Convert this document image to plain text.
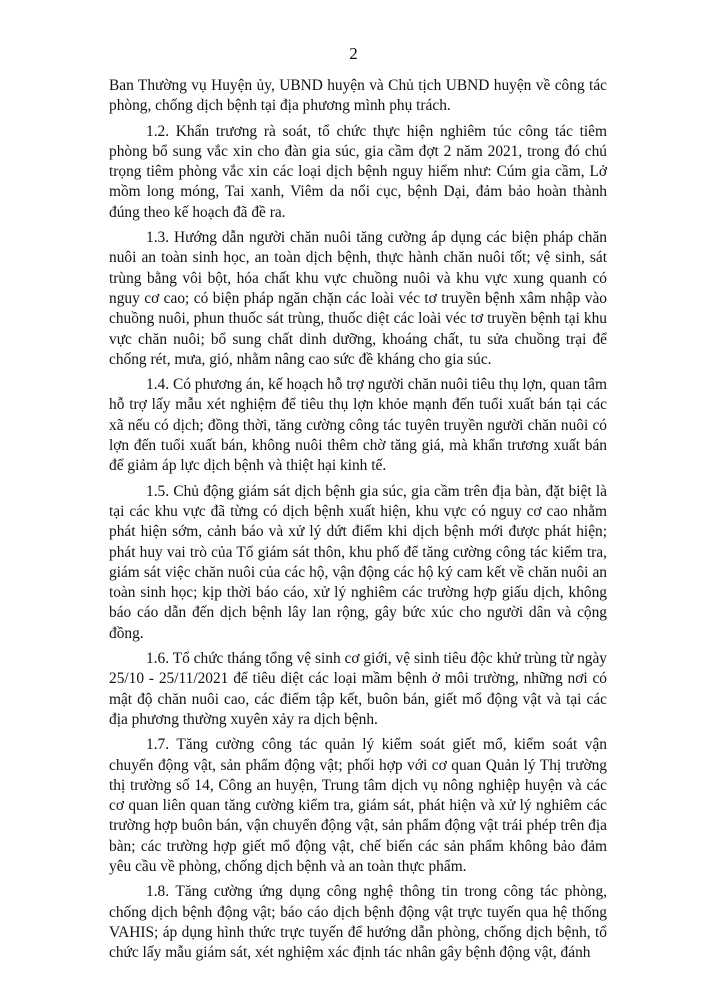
2

Ban Thường vụ Huyện ủy, UBND huyện và Chủ tịch UBND huyện về công tác phòng, chống dịch bệnh tại địa phương mình phụ trách.

1.2. Khẩn trương rà soát, tổ chức thực hiện nghiêm túc công tác tiêm phòng bổ sung vắc xin cho đàn gia súc, gia cầm đợt 2 năm 2021, trong đó chú trọng tiêm phòng vắc xin các loại dịch bệnh nguy hiểm như: Cúm gia cầm, Lở mồm long móng, Tai xanh, Viêm da nổi cục, bệnh Dại, đảm bảo hoàn thành đúng theo kế hoạch đã đề ra.

1.3. Hướng dẫn người chăn nuôi tăng cường áp dụng các biện pháp chăn nuôi an toàn sinh học, an toàn dịch bệnh, thực hành chăn nuôi tốt; vệ sinh, sát trùng bằng vôi bột, hóa chất khu vực chuồng nuôi và khu vực xung quanh có nguy cơ cao; có biện pháp ngăn chặn các loài véc tơ truyền bệnh xâm nhập vào chuồng nuôi, phun thuốc sát trùng, thuốc diệt các loài véc tơ truyền bệnh tại khu vực chăn nuôi; bổ sung chất dinh dưỡng, khoáng chất, tu sửa chuồng trại để chống rét, mưa, gió, nhằm nâng cao sức đề kháng cho gia súc.

1.4. Có phương án, kế hoạch hỗ trợ người chăn nuôi tiêu thụ lợn, quan tâm hỗ trợ lấy mẫu xét nghiệm để tiêu thụ lợn khỏe mạnh đến tuổi xuất bán tại các xã nếu có dịch; đồng thời, tăng cường công tác tuyên truyền người chăn nuôi có lợn đến tuổi xuất bán, không nuôi thêm chờ tăng giá, mà khẩn trương xuất bán để giảm áp lực dịch bệnh và thiệt hại kinh tế.

1.5. Chủ động giám sát dịch bệnh gia súc, gia cầm trên địa bàn, đặt biệt là tại các khu vực đã từng có dịch bệnh xuất hiện, khu vực có nguy cơ cao nhằm phát hiện sớm, cảnh báo và xử lý dứt điểm khi dịch bệnh mới được phát hiện; phát huy vai trò của Tổ giám sát thôn, khu phố để tăng cường công tác kiểm tra, giám sát việc chăn nuôi của các hộ, vận động các hộ ký cam kết về chăn nuôi an toàn sinh học; kịp thời báo cáo, xử lý nghiêm các trường hợp giấu dịch, không báo cáo dẫn đến dịch bệnh lây lan rộng, gây bức xúc cho người dân và cộng đồng.

1.6. Tổ chức tháng tổng vệ sinh cơ giới, vệ sinh tiêu độc khử trùng từ ngày 25/10 - 25/11/2021 để tiêu diệt các loại mầm bệnh ở môi trường, những nơi có mật độ chăn nuôi cao, các điểm tập kết, buôn bán, giết mổ động vật và tại các địa phương thường xuyên xảy ra dịch bệnh.

1.7. Tăng cường công tác quản lý kiểm soát giết mổ, kiểm soát vận chuyển động vật, sản phẩm động vật; phối hợp với cơ quan Quản lý Thị trường thị trường số 14, Công an huyện, Trung tâm dịch vụ nông nghiệp huyện và các cơ quan liên quan tăng cường kiểm tra, giám sát, phát hiện và xử lý nghiêm các trường hợp buôn bán, vận chuyển động vật, sản phẩm động vật trái phép trên địa bàn; các trường hợp giết mổ động vật, chế biến các sản phẩm không bảo đảm yêu cầu về phòng, chống dịch bệnh và an toàn thực phẩm.

1.8. Tăng cường ứng dụng công nghệ thông tin trong công tác phòng, chống dịch bệnh động vật; báo cáo dịch bệnh động vật trực tuyến qua hệ thống VAHIS; áp dụng hình thức trực tuyến để hướng dẫn phòng, chống dịch bệnh, tổ chức lấy mẫu giám sát, xét nghiệm xác định tác nhân gây bệnh động vật, đánh
